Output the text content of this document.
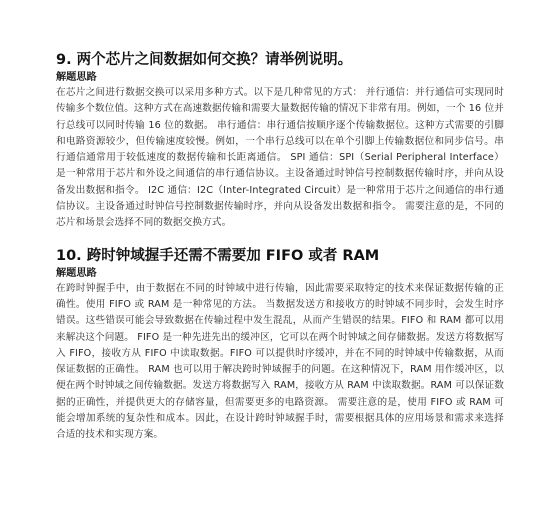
9. 两个芯片之间数据如何交换？请举例说明。
解题思路

在芯片之间进行数据交换可以采用多种方式。以下是几种常见的方式： 并行通信：并行通信可实现同时传输多个数位值。这种方式在高速数据传输和需要大量数据传输的情况下非常有用。例如，一个 16 位并行总线可以同时传输 16 位的数据。 串行通信：串行通信按顺序逐个传输数据位。这种方式需要的引脚和电路资源较少，但传输速度较慢。例如，一个串行总线可以在单个引脚上传输数据位和同步信号。串行通信通常用于较低速度的数据传输和长距离通信。 SPI 通信：SPI（Serial Peripheral Interface）是一种常用于芯片和外设之间通信的串行通信协议。主设备通过时钟信号控制数据传输时序，并向从设备发出数据和指令。 I2C 通信：I2C（Inter-Integrated Circuit）是一种常用于芯片之间通信的串行通信协议。主设备通过时钟信号控制数据传输时序，并向从设备发出数据和指令。 需要注意的是，不同的芯片和场景会选择不同的数据交换方式。

10. 跨时钟域握手还需不需要加 FIFO 或者 RAM
解题思路

在跨时钟握手中，由于数据在不同的时钟域中进行传输，因此需要采取特定的技术来保证数据传输的正确性。使用 FIFO 或 RAM 是一种常见的方法。 当数据发送方和接收方的时钟域不同步时，会发生时序错误。这些错误可能会导致数据在传输过程中发生混乱，从而产生错误的结果。FIFO 和 RAM 都可以用来解决这个问题。 FIFO 是一种先进先出的缓冲区，它可以在两个时钟域之间存储数据。发送方将数据写入 FIFO，接收方从 FIFO 中读取数据。FIFO 可以提供时序缓冲，并在不同的时钟域中传输数据，从而保证数据的正确性。 RAM 也可以用于解决跨时钟域握手的问题。在这种情况下，RAM 用作缓冲区，以便在两个时钟域之间传输数据。发送方将数据写入 RAM，接收方从 RAM 中读取数据。RAM 可以保证数据的正确性，并提供更大的存储容量，但需要更多的电路资源。 需要注意的是，使用 FIFO 或 RAM 可能会增加系统的复杂性和成本。因此，在设计跨时钟域握手时，需要根据具体的应用场景和需求来选择合适的技术和实现方案。
